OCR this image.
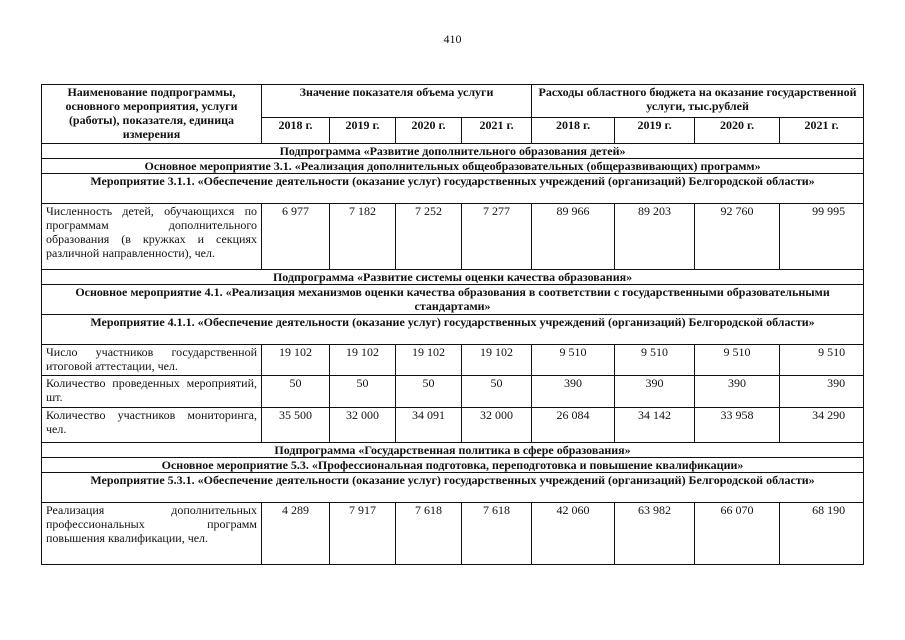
410
Наименование подпрограммы, основного мероприятия, услуги (работы), показателя, единица измерения	Значение показателя объема услуги				Расходы областного бюджета на оказание государственной услуги, тыс.рублей			
	2018 г.	2019 г.	2020 г.	2021 г.	2018 г.	2019 г.	2020 г.	2021 г.
Подпрограмма «Развитие дополнительного образования детей»								
Основное мероприятие 3.1. «Реализация дополнительных общеобразовательных (общеразвивающих) программ»								
Мероприятие 3.1.1. «Обеспечение деятельности (оказание услуг) государственных учреждений (организаций) Белгородской области»								
Численность детей, обучающихся по программам дополнительного образования (в кружках и секциях различной направленности), чел.	6 977	7 182	7 252	7 277	89 966	89 203	92 760	99 995
Подпрограмма «Развитие системы оценки качества образования»								
Основное мероприятие 4.1. «Реализация механизмов оценки качества образования в соответствии с государственными образовательными стандартами»								
Мероприятие 4.1.1. «Обеспечение деятельности (оказание услуг) государственных учреждений (организаций) Белгородской области»								
Число участников государственной итоговой аттестации, чел.	19 102	19 102	19 102	19 102	9 510	9 510	9 510	9 510
Количество проведенных мероприятий, шт.	50	50	50	50	390	390	390	390
Количество участников мониторинга, чел.	35 500	32 000	34 091	32 000	26 084	34 142	33 958	34 290
Подпрограмма «Государственная политика в сфере образования»								
Основное мероприятие 5.3. «Профессиональная подготовка, переподготовка и повышение квалификации»								
Мероприятие 5.3.1. «Обеспечение деятельности (оказание услуг) государственных учреждений (организаций) Белгородской области»								
Реализация дополнительных профессиональных программ повышения квалификации, чел.	4 289	7 917	7 618	7 618	42 060	63 982	66 070	68 190
